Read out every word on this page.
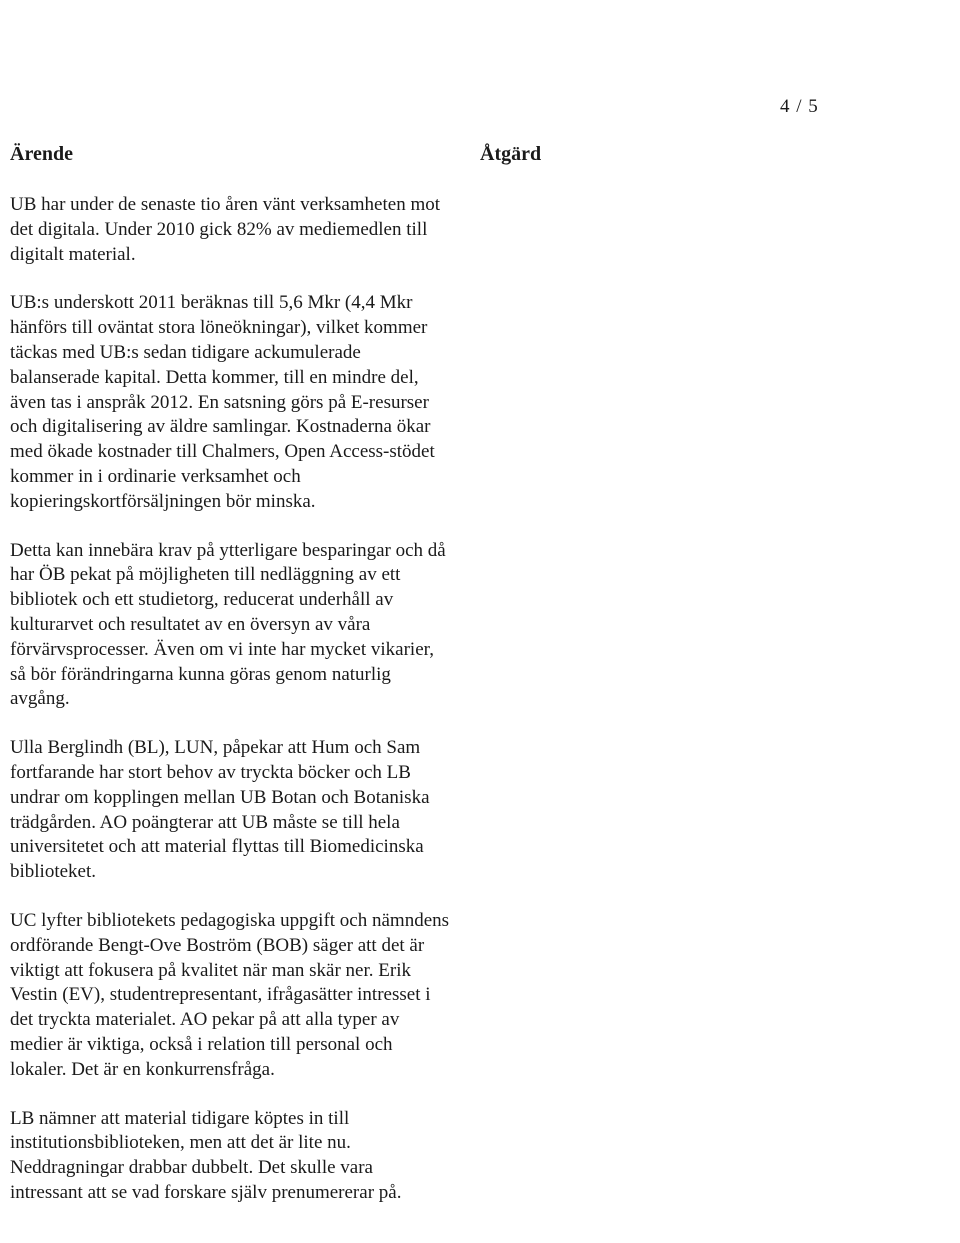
4 / 5
Ärende	Åtgärd

UB har under de senaste tio åren vänt verksamheten mot det digitala. Under 2010 gick 82% av mediemedlen till digitalt material.

UB:s underskott 2011 beräknas till 5,6 Mkr (4,4 Mkr hänförs till oväntat stora löneökningar), vilket kommer täckas med UB:s sedan tidigare ackumulerade balanserade kapital. Detta kommer, till en mindre del, även tas i anspråk 2012. En satsning görs på E-resurser och digitalisering av äldre samlingar. Kostnaderna ökar med ökade kostnader till Chalmers, Open Access-stödet kommer in i ordinarie verksamhet och kopieringskortförsäljningen bör minska.

Detta kan innebära krav på ytterligare besparingar och då har ÖB pekat på möjligheten till nedläggning av ett bibliotek och ett studietorg, reducerat underhåll av kulturarvet och resultatet av en översyn av våra förvärvsprocesser. Även om vi inte har mycket vikarier, så bör förändringarna kunna göras genom naturlig avgång.

Ulla Berglindh (BL), LUN, påpekar att Hum och Sam fortfarande har stort behov av tryckta böcker och LB undrar om kopplingen mellan UB Botan och Botaniska trädgården. AO poängterar att UB måste se till hela universitetet och att material flyttas till Biomedicinska biblioteket.

UC lyfter bibliotekets pedagogiska uppgift och nämndens ordförande Bengt-Ove Boström (BOB) säger att det är viktigt att fokusera på kvalitet när man skär ner. Erik Vestin (EV), studentrepresentant, ifrågasätter intresset i det tryckta materialet. AO pekar på att alla typer av medier är viktiga, också i relation till personal och lokaler. Det är en konkurrensfråga.

LB nämner att material tidigare köptes in till institutionsbiblioteken, men att det är lite nu. Neddragningar drabbar dubbelt. Det skulle vara intressant att se vad forskare själv prenumererar på.
